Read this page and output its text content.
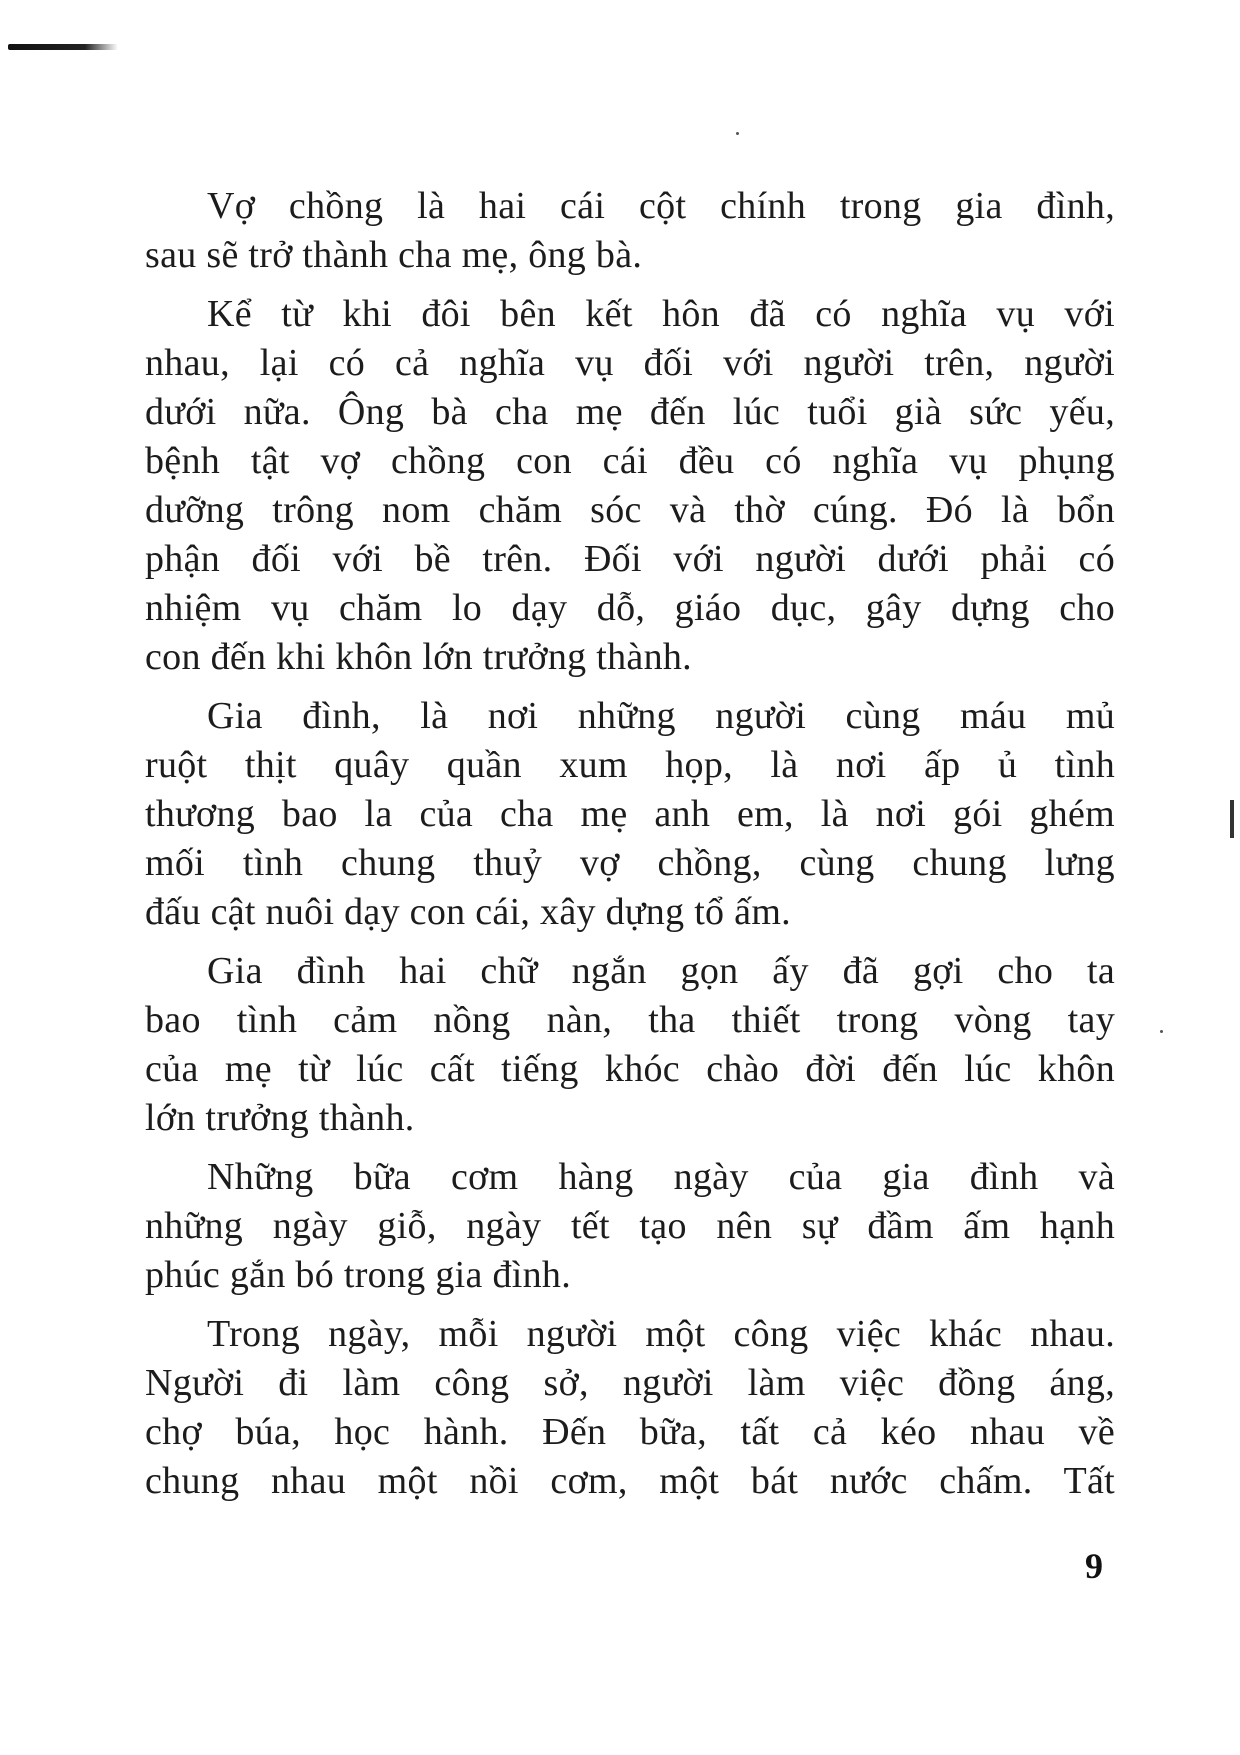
Vợ chồng là hai cái cột chính trong gia đình,
sau sẽ trở thành cha mẹ, ông bà.

Kể từ khi đôi bên kết hôn đã có nghĩa vụ với
nhau, lại có cả nghĩa vụ đối với người trên, người
dưới nữa. Ông bà cha mẹ đến lúc tuổi già sức yếu,
bệnh tật vợ chồng con cái đều có nghĩa vụ phụng
dưỡng trông nom chăm sóc và thờ cúng. Đó là bổn
phận đối với bề trên. Đối với người dưới phải có
nhiệm vụ chăm lo dạy dỗ, giáo dục, gây dựng cho
con đến khi khôn lớn trưởng thành.

Gia đình, là nơi những người cùng máu mủ
ruột thịt quây quần xum họp, là nơi ấp ủ tình
thương bao la của cha mẹ anh em, là nơi gói ghém
mối tình chung thuỷ vợ chồng, cùng chung lưng
đấu cật nuôi dạy con cái, xây dựng tổ ấm.

Gia đình hai chữ ngắn gọn ấy đã gợi cho ta
bao tình cảm nồng nàn, tha thiết trong vòng tay
của mẹ từ lúc cất tiếng khóc chào đời đến lúc khôn
lớn trưởng thành.

Những bữa cơm hàng ngày của gia đình và
những ngày giỗ, ngày tết tạo nên sự đầm ấm hạnh
phúc gắn bó trong gia đình.

Trong ngày, mỗi người một công việc khác nhau.
Người đi làm công sở, người làm việc đồng áng,
chợ búa, học hành. Đến bữa, tất cả kéo nhau về
chung nhau một nồi cơm, một bát nước chấm. Tất

9
